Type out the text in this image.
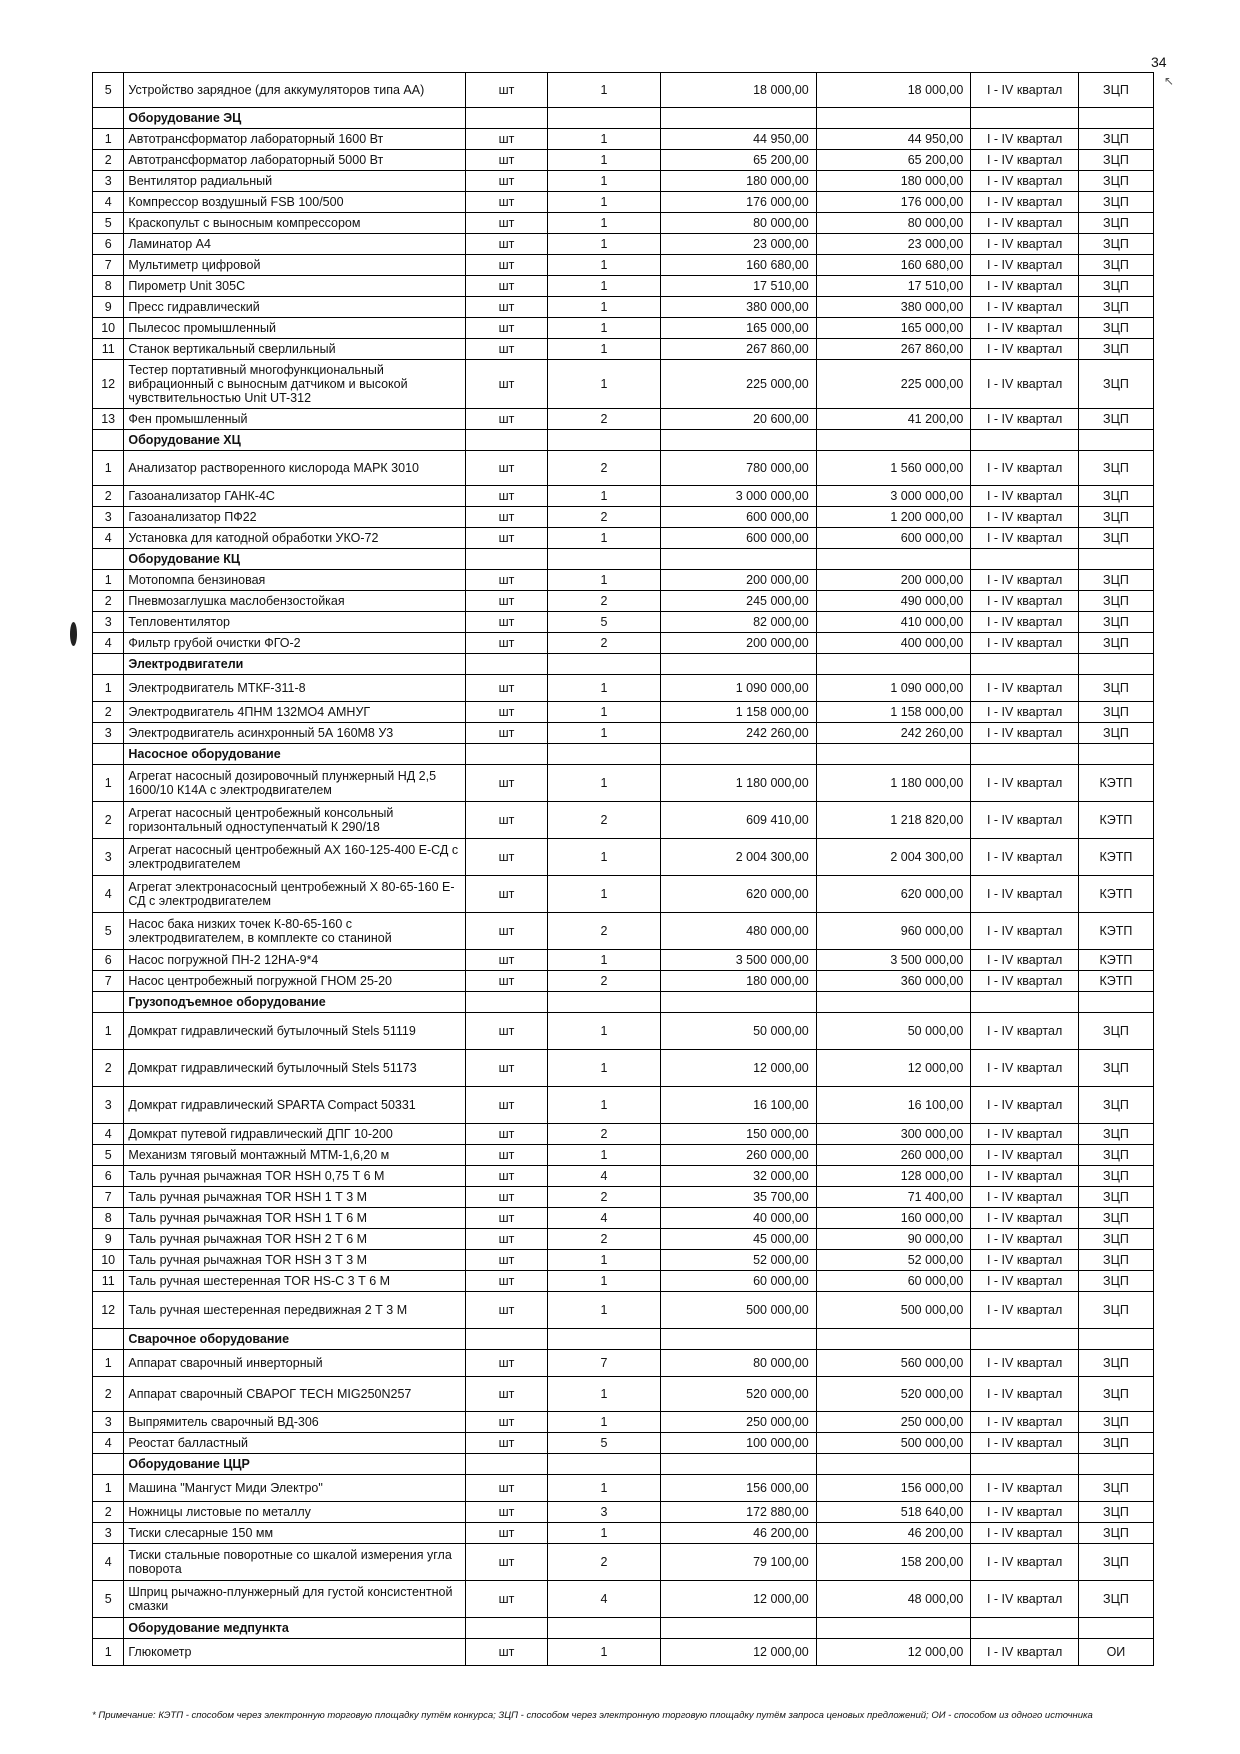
34
↖
5	Устройство зарядное (для аккумуляторов типа АА)	шт	1	18 000,00	18 000,00	I - IV квартал	ЗЦП
	Оборудование ЭЦ						
1	Автотрансформатор лабораторный 1600 Вт	шт	1	44 950,00	44 950,00	I - IV квартал	ЗЦП
2	Автотрансформатор лабораторный 5000 Вт	шт	1	65 200,00	65 200,00	I - IV квартал	ЗЦП
3	Вентилятор радиальный	шт	1	180 000,00	180 000,00	I - IV квартал	ЗЦП
4	Компрессор воздушный FSB 100/500	шт	1	176 000,00	176 000,00	I - IV квартал	ЗЦП
5	Краскопульт с выносным компрессором	шт	1	80 000,00	80 000,00	I - IV квартал	ЗЦП
6	Ламинатор А4	шт	1	23 000,00	23 000,00	I - IV квартал	ЗЦП
7	Мультиметр цифровой	шт	1	160 680,00	160 680,00	I - IV квартал	ЗЦП
8	Пирометр Unit 305C	шт	1	17 510,00	17 510,00	I - IV квартал	ЗЦП
9	Пресс гидравлический	шт	1	380 000,00	380 000,00	I - IV квартал	ЗЦП
10	Пылесос промышленный	шт	1	165 000,00	165 000,00	I - IV квартал	ЗЦП
11	Станок вертикальный сверлильный	шт	1	267 860,00	267 860,00	I - IV квартал	ЗЦП
12	Тестер портативный многофункциональный вибрационный с выносным датчиком и высокой чувствительностью Unit UT-312	шт	1	225 000,00	225 000,00	I - IV квартал	ЗЦП
13	Фен промышленный	шт	2	20 600,00	41 200,00	I - IV квартал	ЗЦП
	Оборудование ХЦ						
1	Анализатор растворенного кислорода МАРК 3010	шт	2	780 000,00	1 560 000,00	I - IV квартал	ЗЦП
2	Газоанализатор ГАНК-4С	шт	1	3 000 000,00	3 000 000,00	I - IV квартал	ЗЦП
3	Газоанализатор ПФ22	шт	2	600 000,00	1 200 000,00	I - IV квартал	ЗЦП
4	Установка для катодной обработки УКО-72	шт	1	600 000,00	600 000,00	I - IV квартал	ЗЦП
	Оборудование КЦ						
1	Мотопомпа бензиновая	шт	1	200 000,00	200 000,00	I - IV квартал	ЗЦП
2	Пневмозаглушка маслобензостойкая	шт	2	245 000,00	490 000,00	I - IV квартал	ЗЦП
3	Тепловентилятор	шт	5	82 000,00	410 000,00	I - IV квартал	ЗЦП
4	Фильтр грубой очистки ФГО-2	шт	2	200 000,00	400 000,00	I - IV квартал	ЗЦП
	Электродвигатели						
1	Электродвигатель МТКF-311-8	шт	1	1 090 000,00	1 090 000,00	I - IV квартал	ЗЦП
2	Электродвигатель 4ПНМ 132МО4 АМНУГ	шт	1	1 158 000,00	1 158 000,00	I - IV квартал	ЗЦП
3	Электродвигатель асинхронный 5А 160М8 У3	шт	1	242 260,00	242 260,00	I - IV квартал	ЗЦП
	Насосное оборудование						
1	Агрегат насосный дозировочный плунжерный НД 2,5 1600/10 К14А с электродвигателем	шт	1	1 180 000,00	1 180 000,00	I - IV квартал	КЭТП
2	Агрегат насосный центробежный консольный горизонтальный одноступенчатый К 290/18	шт	2	609 410,00	1 218 820,00	I - IV квартал	КЭТП
3	Агрегат насосный центробежный АХ 160-125-400 Е-СД с электродвигателем	шт	1	2 004 300,00	2 004 300,00	I - IV квартал	КЭТП
4	Агрегат электронасосный центробежный Х 80-65-160 Е-СД с электродвигателем	шт	1	620 000,00	620 000,00	I - IV квартал	КЭТП
5	Насос бака низких точек К-80-65-160 с электродвигателем, в комплекте со станиной	шт	2	480 000,00	960 000,00	I - IV квартал	КЭТП
6	Насос погружной ПН-2 12НА-9*4	шт	1	3 500 000,00	3 500 000,00	I - IV квартал	КЭТП
7	Насос центробежный погружной ГНОМ 25-20	шт	2	180 000,00	360 000,00	I - IV квартал	КЭТП
	Грузоподъемное оборудование						
1	Домкрат гидравлический бутылочный Stels 51119	шт	1	50 000,00	50 000,00	I - IV квартал	ЗЦП
2	Домкрат гидравлический бутылочный Stels 51173	шт	1	12 000,00	12 000,00	I - IV квартал	ЗЦП
3	Домкрат гидравлический SPARTA Compact 50331	шт	1	16 100,00	16 100,00	I - IV квартал	ЗЦП
4	Домкрат путевой гидравлический ДПГ 10-200	шт	2	150 000,00	300 000,00	I - IV квартал	ЗЦП
5	Механизм тяговый монтажный МТМ-1,6,20 м	шт	1	260 000,00	260 000,00	I - IV квартал	ЗЦП
6	Таль ручная рычажная TOR HSH 0,75 Т 6 М	шт	4	32 000,00	128 000,00	I - IV квартал	ЗЦП
7	Таль ручная рычажная TOR HSH 1 Т 3 М	шт	2	35 700,00	71 400,00	I - IV квартал	ЗЦП
8	Таль ручная рычажная TOR HSH 1 Т 6 М	шт	4	40 000,00	160 000,00	I - IV квартал	ЗЦП
9	Таль ручная рычажная TOR HSH 2 Т 6 М	шт	2	45 000,00	90 000,00	I - IV квартал	ЗЦП
10	Таль ручная рычажная TOR HSH 3 Т 3 М	шт	1	52 000,00	52 000,00	I - IV квартал	ЗЦП
11	Таль ручная шестеренная TOR HS-C 3 Т 6 М	шт	1	60 000,00	60 000,00	I - IV квартал	ЗЦП
12	Таль ручная шестеренная передвижная 2 Т 3 М	шт	1	500 000,00	500 000,00	I - IV квартал	ЗЦП
	Сварочное оборудование						
1	Аппарат сварочный инверторный	шт	7	80 000,00	560 000,00	I - IV квартал	ЗЦП
2	Аппарат сварочный СВАРОГ TECH MIG250N257	шт	1	520 000,00	520 000,00	I - IV квартал	ЗЦП
3	Выпрямитель сварочный ВД-306	шт	1	250 000,00	250 000,00	I - IV квартал	ЗЦП
4	Реостат балластный	шт	5	100 000,00	500 000,00	I - IV квартал	ЗЦП
	Оборудование ЦЦР						
1	Машина "Мангуст Миди Электро"	шт	1	156 000,00	156 000,00	I - IV квартал	ЗЦП
2	Ножницы листовые по металлу	шт	3	172 880,00	518 640,00	I - IV квартал	ЗЦП
3	Тиски слесарные 150 мм	шт	1	46 200,00	46 200,00	I - IV квартал	ЗЦП
4	Тиски стальные поворотные со шкалой измерения угла поворота	шт	2	79 100,00	158 200,00	I - IV квартал	ЗЦП
5	Шприц рычажно-плунжерный для густой консистентной смазки	шт	4	12 000,00	48 000,00	I - IV квартал	ЗЦП
	Оборудование медпункта						
1	Глюкометр	шт	1	12 000,00	12 000,00	I - IV квартал	ОИ
* Примечание: КЭТП - способом через электронную торговую площадку путём конкурса; ЗЦП - способом через электронную торговую площадку путём запроса ценовых предложений; ОИ - способом из одного источника
